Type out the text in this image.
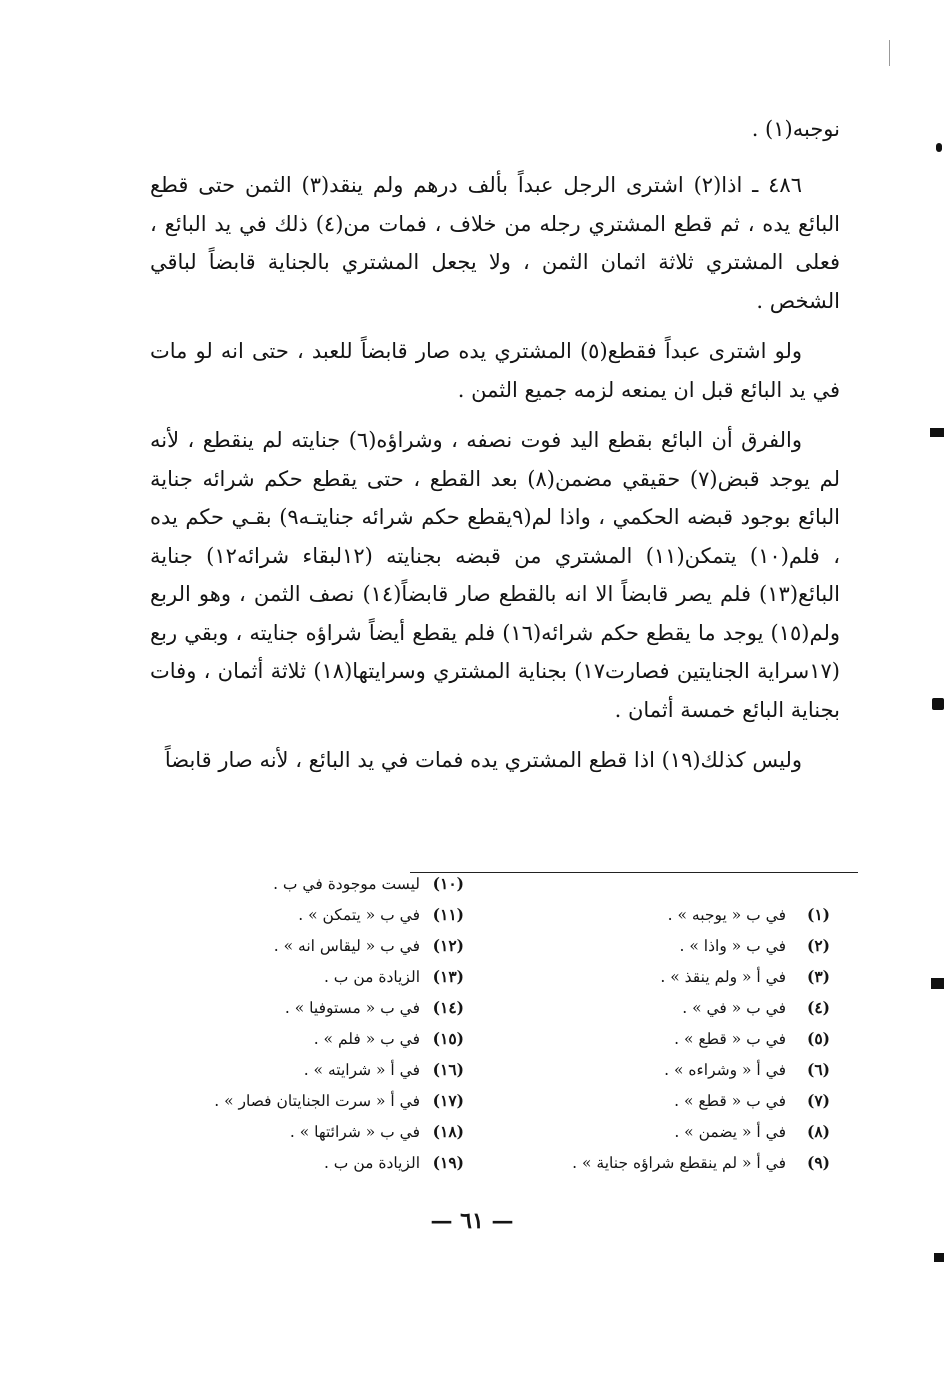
نوجبه(١) .

٤٨٦ ـ اذا(٢) اشترى الرجل عبداً بألف درهم ولم ينقد(٣) الثمن حتى قطع البائع يده ، ثم قطع المشتري رجله من خلاف ، فمات من(٤) ذلك في يد البائع ، فعلى المشتري ثلاثة اثمان الثمن ، ولا يجعل المشتري بالجناية قابضاً لباقي الشخص .

ولو اشترى عبداً فقطع(٥) المشتري يده صار قابضاً للعبد ، حتى انه لو مات في يد البائع قبل ان يمنعه لزمه جميع الثمن .

والفرق أن البائع بقطع اليد فوت نصفه ، وشراؤه(٦) جنايته لم ينقطع ، لأنه لم يوجد قبض(٧) حقيقي مضمن(٨) بعد القطع ، حتى يقطع حكم شرائه جناية البائع بوجود قبضه الحكمي ، واذا لم(٩يقطع حكم شرائه جنايتـه٩) بقـي حكم يده ، فلم(١٠) يتمكن(١١) المشتري من قبضه بجنايته (١٢لبقاء شرائه١٢) جناية البائع(١٣) فلم يصر قابضاً الا انه بالقطع صار قابضاً(١٤) نصف الثمن ، وهو الربع ولم(١٥) يوجد ما يقطع حكم شرائه(١٦) فلم يقطع أيضاً شراؤه جنايته ، وبقي ربع (١٧سراية الجنايتين فصارت١٧) بجناية المشتري وسرايتها(١٨) ثلاثة أثمان ، وفات بجناية البائع خمسة أثمان .

وليس كذلك(١٩) اذا قطع المشتري يده فمات في يد البائع ، لأنه صار قابضاً

(١)في ب « يوجبه » .
(٢)في ب « واذا » .
(٣)في أ « ولم ينقذ » .
(٤)في ب « في » .
(٥)في ب « قطع » .
(٦)في أ « وشراءه » .
(٧)في ب « قطع » .
(٨)في أ « يضمن » .
(٩)في أ « لم ينقطع شراؤه جناية » .
(١٠)ليست موجودة في ب .
(١١)في ب « يتمكن » .
(١٢)في ب « ليقاس انه » .
(١٣)الزيادة من ب .
(١٤)في ب « مستوفيا » .
(١٥)في ب « فلم » .
(١٦)في أ « شرايته » .
(١٧)في أ « سرت الجنايتان فصار » .
(١٨)في ب « شرائتها » .
(١٩)الزيادة من ب .
— ٦١ —
